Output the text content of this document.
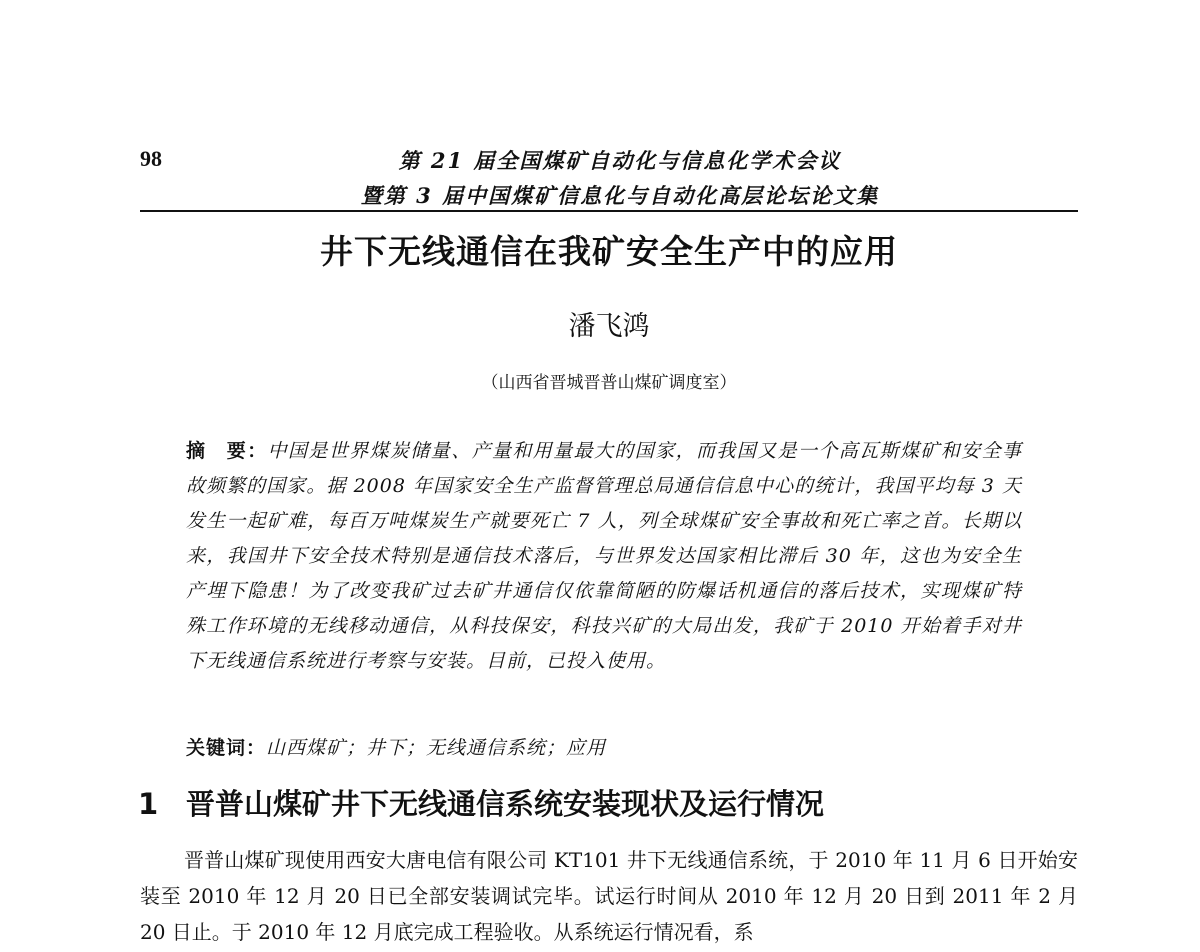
98	第 21 届全国煤矿自动化与信息化学术会议
暨第 3 届中国煤矿信息化与自动化高层论坛论文集
井下无线通信在我矿安全生产中的应用
潘飞鸿
（山西省晋城晋普山煤矿调度室）

摘　要：中国是世界煤炭储量、产量和用量最大的国家，而我国又是一个高瓦斯煤矿和安全事故频繁的国家。据 2008 年国家安全生产监督管理总局通信信息中心的统计，我国平均每 3 天发生一起矿难，每百万吨煤炭生产就要死亡 7 人，列全球煤矿安全事故和死亡率之首。长期以来，我国井下安全技术特别是通信技术落后，与世界发达国家相比滞后 30 年，这也为安全生产埋下隐患！为了改变我矿过去矿井通信仅依靠简陋的防爆话机通信的落后技术，实现煤矿特殊工作环境的无线移动通信，从科技保安，科技兴矿的大局出发，我矿于 2010 开始着手对井下无线通信系统进行考察与安装。目前，已投入使用。

关键词：山西煤矿；井下；无线通信系统；应用
1 晋普山煤矿井下无线通信系统安装现状及运行情况

晋普山煤矿现使用西安大唐电信有限公司 KT101 井下无线通信系统，于 2010 年 11 月 6 日开始安装至 2010 年 12 月 20 日已全部安装调试完毕。试运行时间从 2010 年 12 月 20 日到 2011 年 2 月 20 日止。于 2010 年 12 月底完成工程验收。从系统运行情况看，系
